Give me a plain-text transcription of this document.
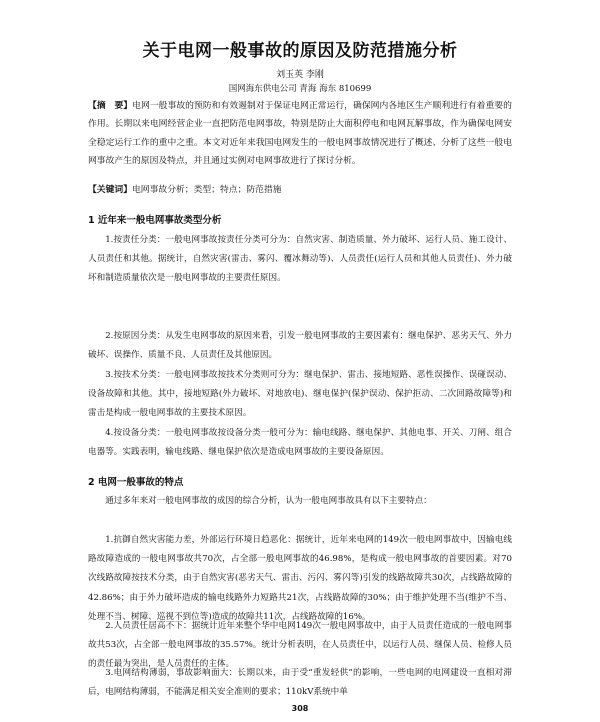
关于电网一般事故的原因及防范措施分析
刘玉英 李刚
国网海东供电公司 青海 海东 810699
【摘　要】电网一般事故的预防和有效遏制对于保证电网正常运行，确保网内各地区生产顺利进行有着重要的作用。长期以来电网经营企业一直把防范电网事故，特别是防止大面积停电和电网瓦解事故，作为确保电网安全稳定运行工作的重中之重。本文对近年来我国电网发生的一般电网事故情况进行了概述、分析了这些一般电网事故产生的原因及特点，并且通过实例对电网事故进行了探讨分析。
【关键词】电网事故分析；类型；特点；防范措施
1 近年来一般电网事故类型分析
1.按责任分类：一般电网事故按责任分类可分为：自然灾害、制造质量、外力破坏、运行人员、施工设计、人员责任和其他。据统计，自然灾害(雷击、雾闪、覆冰舞动等)、人员责任(运行人员和其他人员责任)、外力破坏和制造质量依次是一般电网事故的主要责任原因。
2.按原因分类：从发生电网事故的原因来看，引发一般电网事故的主要因素有：继电保护、恶劣天气、外力破坏、误操作、质量不良、人员责任及其他原因。
3.按技术分类：一般电网事故按技术分类则可分为：继电保护、雷击、接地短路、恶性误操作、误碰误动、设备故障和其他。其中，接地短路(外力破坏、对地放电)、继电保护(保护误动、保护拒动、二次回路故障等)和雷击是构成一般电网事故的主要技术原因。
4.按设备分类：一般电网事故按设备分类一般可分为：输电线路、继电保护、其他电事、开关、刀闸、组合电器等。实践表明，输电线路、继电保护依次是造成电网事故的主要设备原因。
2 电网一般事故的特点
通过多年来对一般电网事故的成因的综合分析，认为一般电网事故具有以下主要特点：
1.抗御自然灾害能力差，外部运行环境日趋恶化：据统计，近年来电网的149次一般电网事故中，因输电线路故障造成的一般电网事故共70次，占全部一般电网事故的46.98%，是构成一般电网事故的首要因素。对70次线路故障按技术分类，由于自然灾害(恶劣天气、雷击、污闪、雾闪等)引发的线路故障共30次，占线路故障的42.86%；由于外力破坏造成的输电线路外力短路共21次，占线路故障的30%；由于维护处理不当(维护不当、处理不当、树障、巡视不到位等)造成的故障共11次，占线路故障的16%。
2.人员责任居高不下：据统计近年来整个华中电网149次一般电网事故中，由于人员责任造成的一般电网事故共53次，占全部一般电网事故的35.57%。统计分析表明，在人员责任中，以运行人员、继保人员、检修人员的责任最为突出，是人员责任的主体。
3.电网结构薄弱，事故影响面大：长期以来，由于受“重发轻供”的影响，一些电网的电网建设一直相对滞后，电网结构薄弱，不能满足相关安全准则的要求；110kV系统中单
308
